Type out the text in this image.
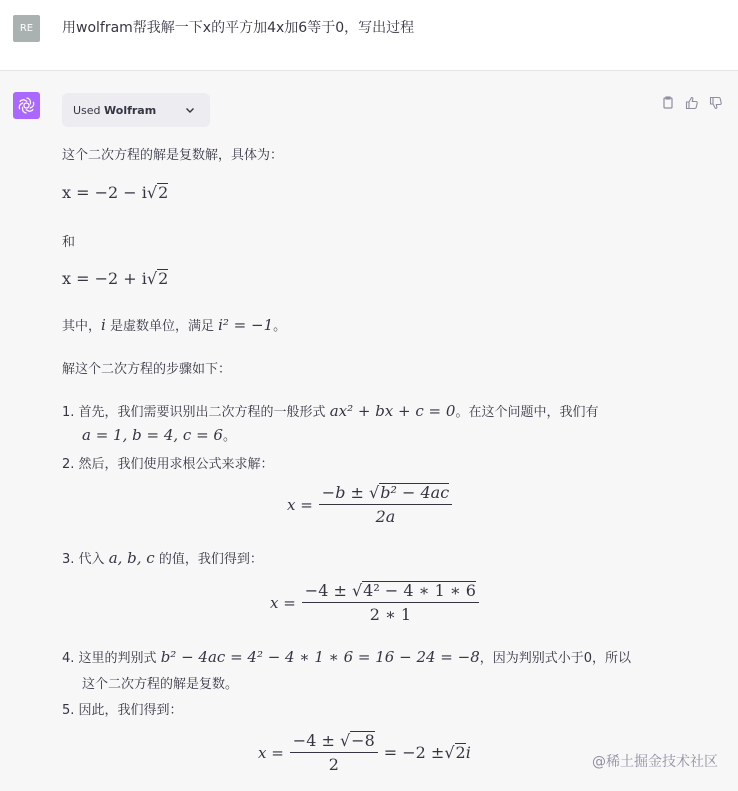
RE	用wolfram帮我解一下x的平方加4x加6等于0，写出过程
Used Wolfram
这个二次方程的解是复数解，具体为：
x = −2 − i√2
和
x = −2 + i√2
其中，i 是虚数单位，满足 i² = −1。
解这个二次方程的步骤如下：
1. 首先，我们需要识别出二次方程的一般形式 ax² + bx + c = 0。在这个问题中，我们有
a = 1, b = 4, c = 6。
2. 然后，我们使用求根公式来求解：
$x = \frac{\text{−b ± √b² − 4ac}}{2a}$
3. 代入 a, b, c 的值，我们得到：
$x = \frac{\text{−4 ± √4² − 4 ∗ 1 ∗ 6}}{2 ∗ 1}$
4. 这里的判别式 b² − 4ac = 4² − 4 ∗ 1 ∗ 6 = 16 − 24 = −8，因为判别式小于0，所以
这个二次方程的解是复数。
5. 因此，我们得到：
$x = \frac{-4 \pm √-8}{2} = -2$ ± √ 2 i	@稀土掘金技术社区
